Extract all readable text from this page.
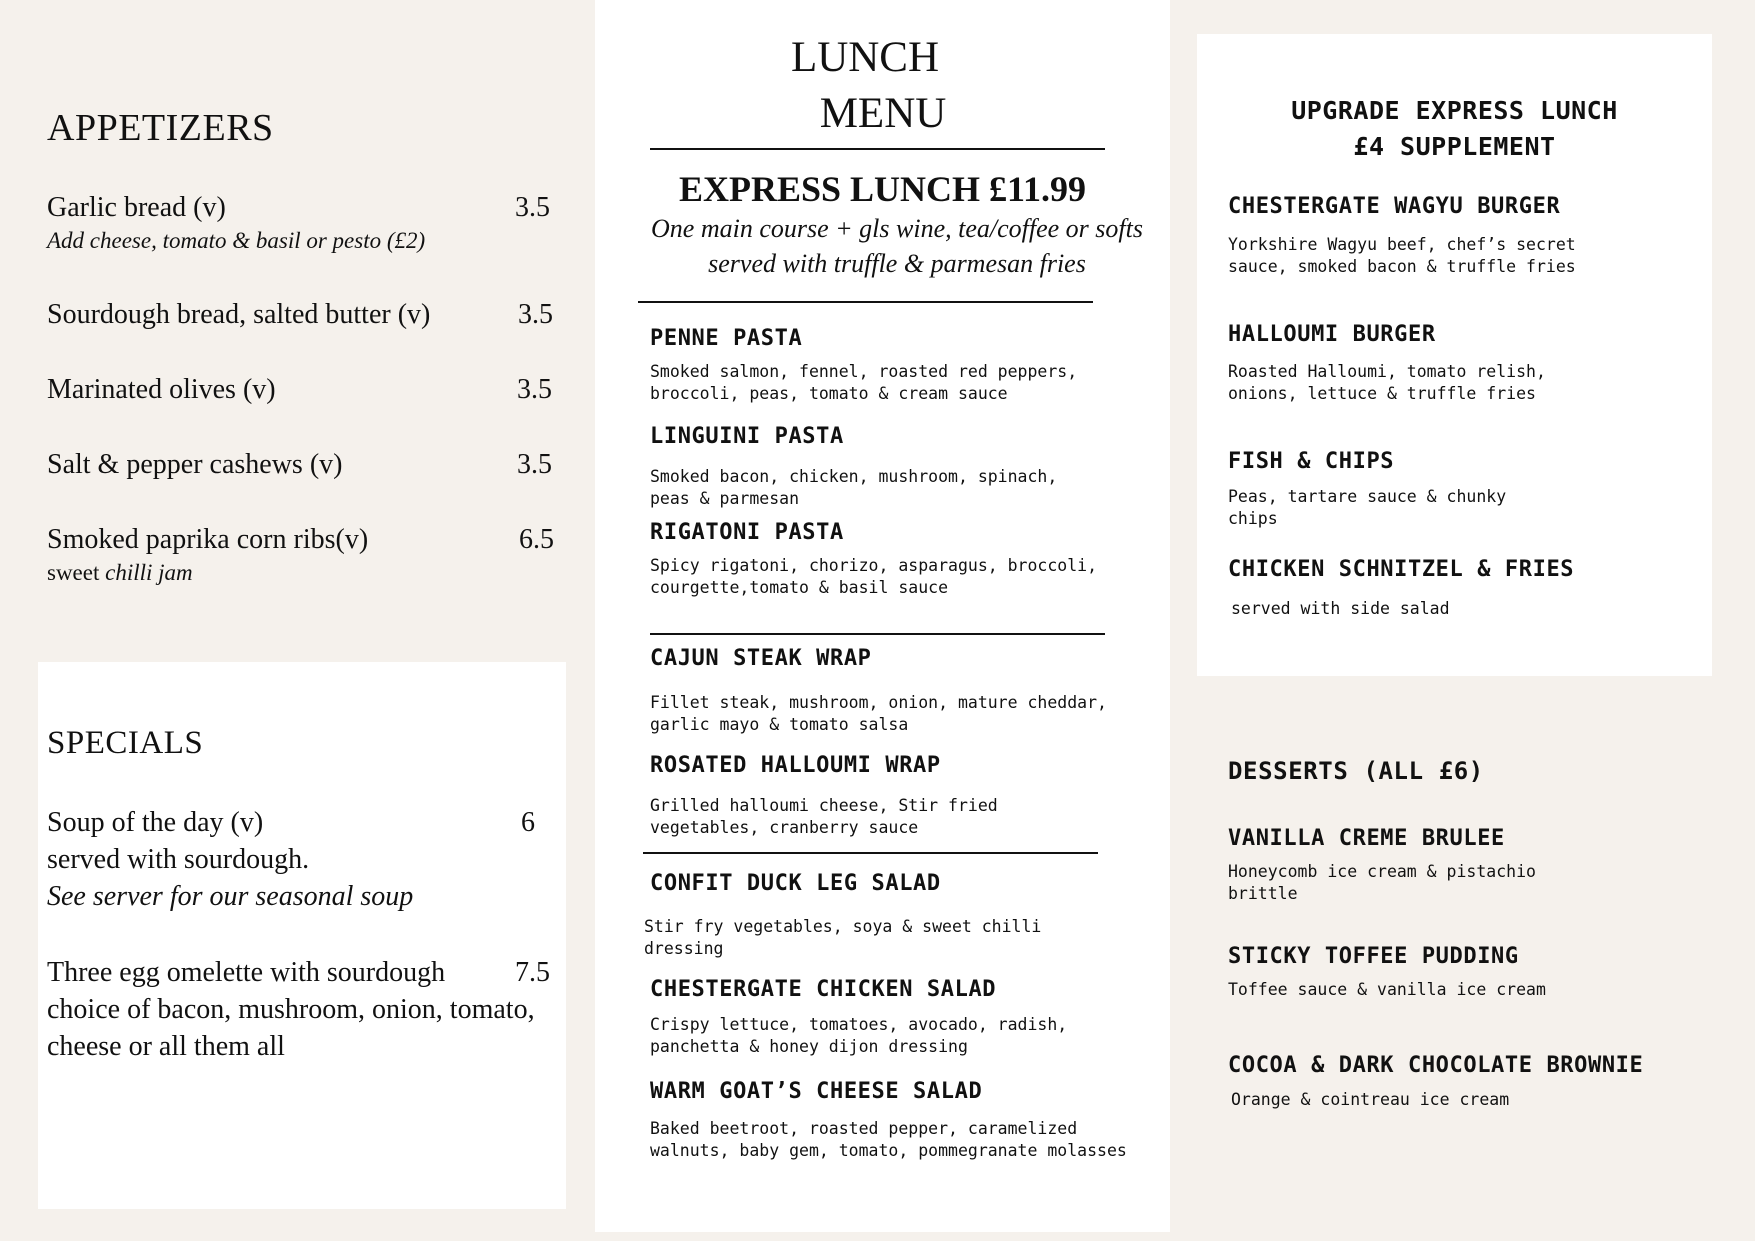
APPETIZERS
Garlic bread (v)	3.5
Add cheese, tomato & basil or pesto (£2)
Sourdough bread, salted butter (v)	3.5
Marinated olives (v)	3.5
Salt & pepper cashews (v)	3.5
Smoked paprika corn ribs(v)	6.5
sweet chilli jam
SPECIALS
Soup of the day (v)
served with sourdough.
See server for our seasonal soup
6
Three egg omelette with sourdough
choice of bacon, mushroom, onion, tomato,
cheese or all them all
7.5
LUNCH
MENU
EXPRESS LUNCH £11.99
One main course + gls wine, tea/coffee or softs
served with truffle & parmesan fries
PENNE PASTA
Smoked salmon, fennel, roasted red peppers,
broccoli, peas, tomato & cream sauce
LINGUINI PASTA
Smoked bacon, chicken, mushroom, spinach,
peas & parmesan
RIGATONI PASTA
Spicy rigatoni, chorizo, asparagus, broccoli,
courgette,tomato & basil sauce
CAJUN STEAK WRAP
Fillet steak, mushroom, onion, mature cheddar,
garlic mayo & tomato salsa
ROSATED HALLOUMI WRAP
Grilled halloumi cheese, Stir fried
vegetables, cranberry sauce
CONFIT DUCK LEG SALAD
Stir fry vegetables, soya & sweet chilli
dressing
CHESTERGATE CHICKEN SALAD
Crispy lettuce, tomatoes, avocado, radish,
panchetta & honey dijon dressing
WARM GOAT’S CHEESE SALAD
Baked beetroot, roasted pepper, caramelized
walnuts, baby gem, tomato, pommegranate molasses
UPGRADE EXPRESS LUNCH
£4 SUPPLEMENT
CHESTERGATE WAGYU BURGER
Yorkshire Wagyu beef, chef’s secret
sauce, smoked bacon & truffle fries
HALLOUMI BURGER
Roasted Halloumi, tomato relish,
onions, lettuce & truffle fries
FISH & CHIPS
Peas, tartare sauce & chunky
chips
CHICKEN SCHNITZEL & FRIES
served with side salad
DESSERTS (ALL £6)
VANILLA CREME BRULEE
Honeycomb ice cream & pistachio
brittle
STICKY TOFFEE PUDDING
Toffee sauce & vanilla ice cream
COCOA & DARK CHOCOLATE BROWNIE
Orange & cointreau ice cream
